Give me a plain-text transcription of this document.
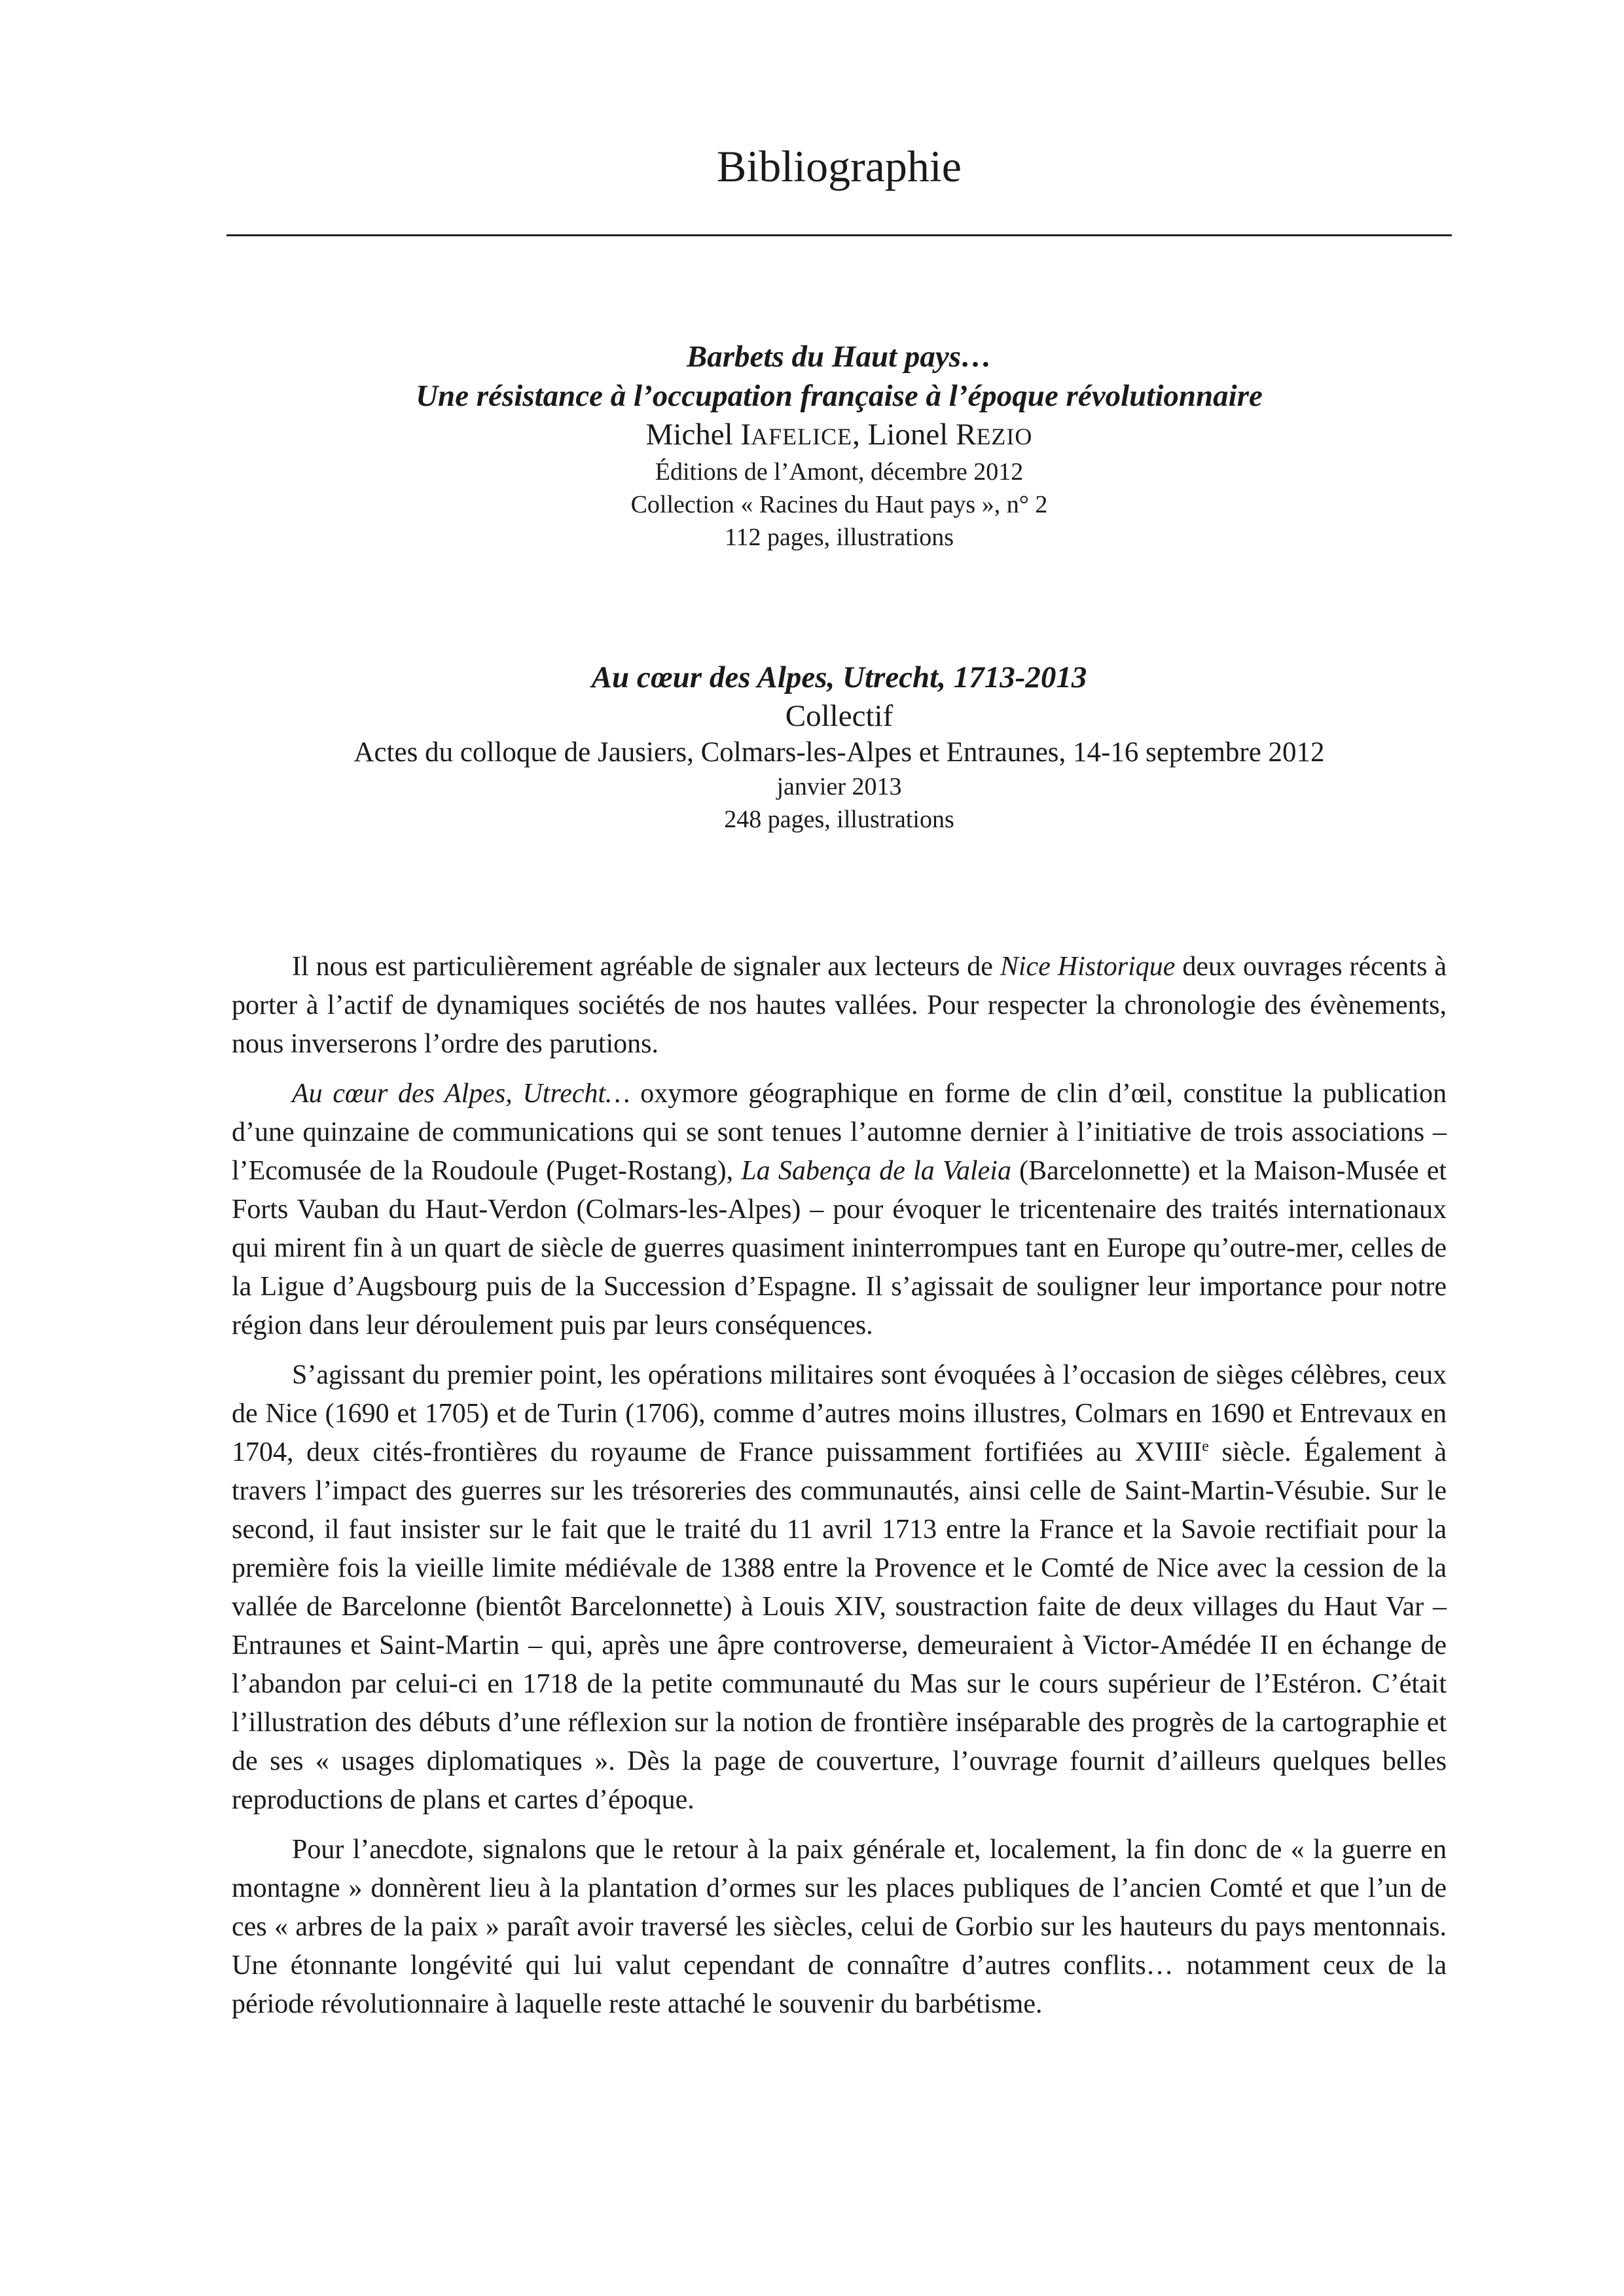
Bibliographie
Barbets du Haut pays…
Une résistance à l’occupation française à l’époque révolutionnaire
Michel IAFELICE, Lionel REZIO
Éditions de l’Amont, décembre 2012
Collection « Racines du Haut pays », n° 2
112 pages, illustrations
Au cœur des Alpes, Utrecht, 1713-2013
Collectif
Actes du colloque de Jausiers, Colmars-les-Alpes et Entraunes, 14-16 septembre 2012
janvier 2013
248 pages, illustrations

Il nous est particulièrement agréable de signaler aux lecteurs de Nice Historique deux ouvrages récents à porter à l’actif de dynamiques sociétés de nos hautes vallées. Pour respecter la chronologie des évènements, nous inverserons l’ordre des parutions.

Au cœur des Alpes, Utrecht… oxymore géographique en forme de clin d’œil, constitue la publication d’une quinzaine de communications qui se sont tenues l’automne dernier à l’initiative de trois associations – l’Ecomusée de la Roudoule (Puget-Rostang), La Sabença de la Valeia (Barcelonnette) et la Maison-Musée et Forts Vauban du Haut-Verdon (Colmars-les-Alpes) – pour évoquer le tricentenaire des traités internationaux qui mirent fin à un quart de siècle de guerres quasiment ininterrompues tant en Europe qu’outre-mer, celles de la Ligue d’Augsbourg puis de la Succession d’Espagne. Il s’agissait de souligner leur importance pour notre région dans leur déroulement puis par leurs conséquences.

S’agissant du premier point, les opérations militaires sont évoquées à l’occasion de sièges célèbres, ceux de Nice (1690 et 1705) et de Turin (1706), comme d’autres moins illustres, Colmars en 1690 et Entrevaux en 1704, deux cités-frontières du royaume de France puissamment fortifiées au XVIIIe siècle. Également à travers l’impact des guerres sur les trésoreries des communautés, ainsi celle de Saint-Martin-Vésubie. Sur le second, il faut insister sur le fait que le traité du 11 avril 1713 entre la France et la Savoie rectifiait pour la première fois la vieille limite médiévale de 1388 entre la Provence et le Comté de Nice avec la cession de la vallée de Barcelonne (bientôt Barcelonnette) à Louis XIV, soustraction faite de deux villages du Haut Var – Entraunes et Saint-Martin – qui, après une âpre controverse, demeuraient à Victor-Amédée II en échange de l’abandon par celui-ci en 1718 de la petite communauté du Mas sur le cours supérieur de l’Estéron. C’était l’illustration des débuts d’une réflexion sur la notion de frontière inséparable des progrès de la cartographie et de ses « usages diplomatiques ». Dès la page de couverture, l’ouvrage fournit d’ailleurs quelques belles reproductions de plans et cartes d’époque.

Pour l’anecdote, signalons que le retour à la paix générale et, localement, la fin donc de « la guerre en montagne » donnèrent lieu à la plantation d’ormes sur les places publiques de l’ancien Comté et que l’un de ces « arbres de la paix » paraît avoir traversé les siècles, celui de Gorbio sur les hauteurs du pays mentonnais. Une étonnante longévité qui lui valut cependant de connaître d’autres conflits… notamment ceux de la période révolutionnaire à laquelle reste attaché le souvenir du barbétisme.
